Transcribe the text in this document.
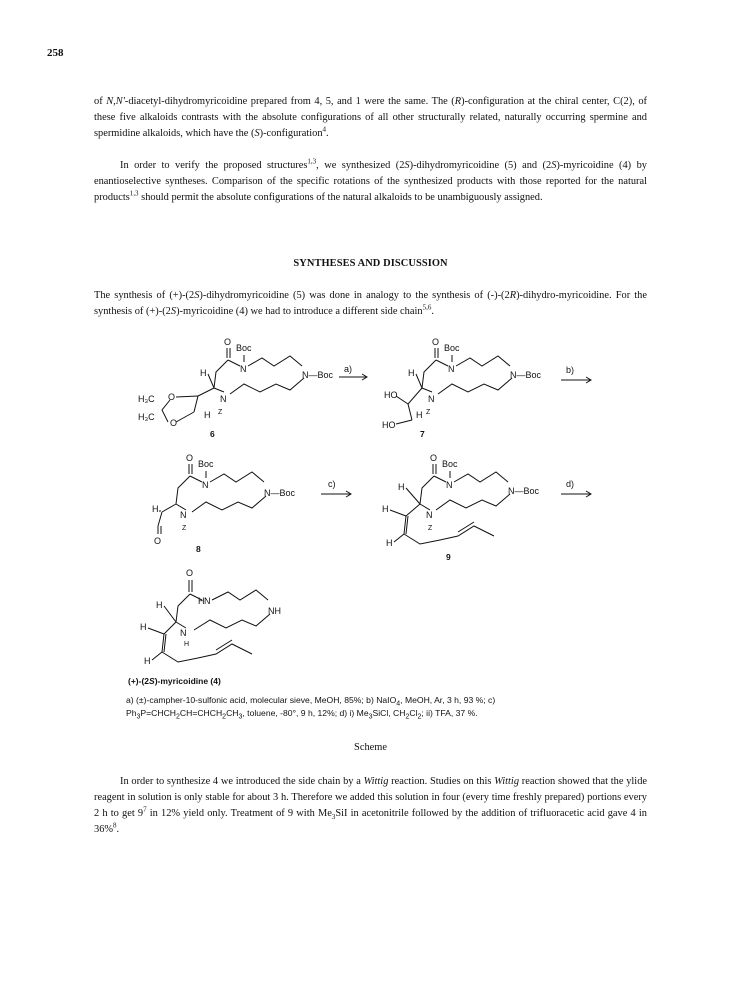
258

of N,N'-diacetyl-dihydromyricoidine prepared from 4, 5, and 1 were the same. The (R)-configuration at the chiral center, C(2), of these five alkaloids contrasts with the absolute configurations of all other structurally related, naturally occurring spermine and spermidine alkaloids, which have the (S)-configuration$^4$.

In order to verify the proposed structures$^{1,3}$, we synthesized (2S)-dihydromyricoidine (5) and (2S)-myricoidine (4) by enantioselective syntheses. Comparison of the specific rotations of the synthesized products with those reported for the natural products$^{1,3}$ should permit the absolute configurations of the natural alkaloids to be unambiguously assigned.

SYNTHESES AND DISCUSSION

The synthesis of (+)-(2S)-dihydromyricoidine (5) was done in analogy to the synthesis of (-)-(2R)-dihydro-myricoidine. For the synthesis of (+)-(2S)-myricoidine (4) we had to introduce a different side chain$^{5,6}$.

O
Boc
N
N—Boc
N
Z
H
H
O
O
H₃C
H₃C
6
a)
O
Boc
N
N—Boc
N
Z
H
HO
HO
H
7
b)
O
Boc
N
N—Boc
N
Z
H
O
8
c)
O
Boc
N
N—Boc
N
Z
H
H
H
9
d)
O
H N
NH
N
H
H
H
H
(+)-(2S)-myricoidine (4)

a) (±)-campher-10-sulfonic acid, molecular sieve, MeOH, 85%; b) NaIO$_4$, MeOH, Ar, 3 h, 93 %; c) $Ph_3P=CHCH_2CH=CHCH_2CH_3$, toluene, -80°, 9 h, 12%; d) i) $Me_3SiCl$, $CH_2Cl_2$; ii) TFA, 37 %.

Scheme

In order to synthesize 4 we introduced the side chain by a Wittig reaction. Studies on this Wittig reaction showed that the ylide reagent in solution is only stable for about 3 h. Therefore we added this solution in four (every time freshly prepared) portions every 2 h to get $9^7$ in 12% yield only. Treatment of 9 with $Me_3SiI$ in acetonitrile followed by the addition of trifluoracetic acid gave 4 in 36%$^8$.
